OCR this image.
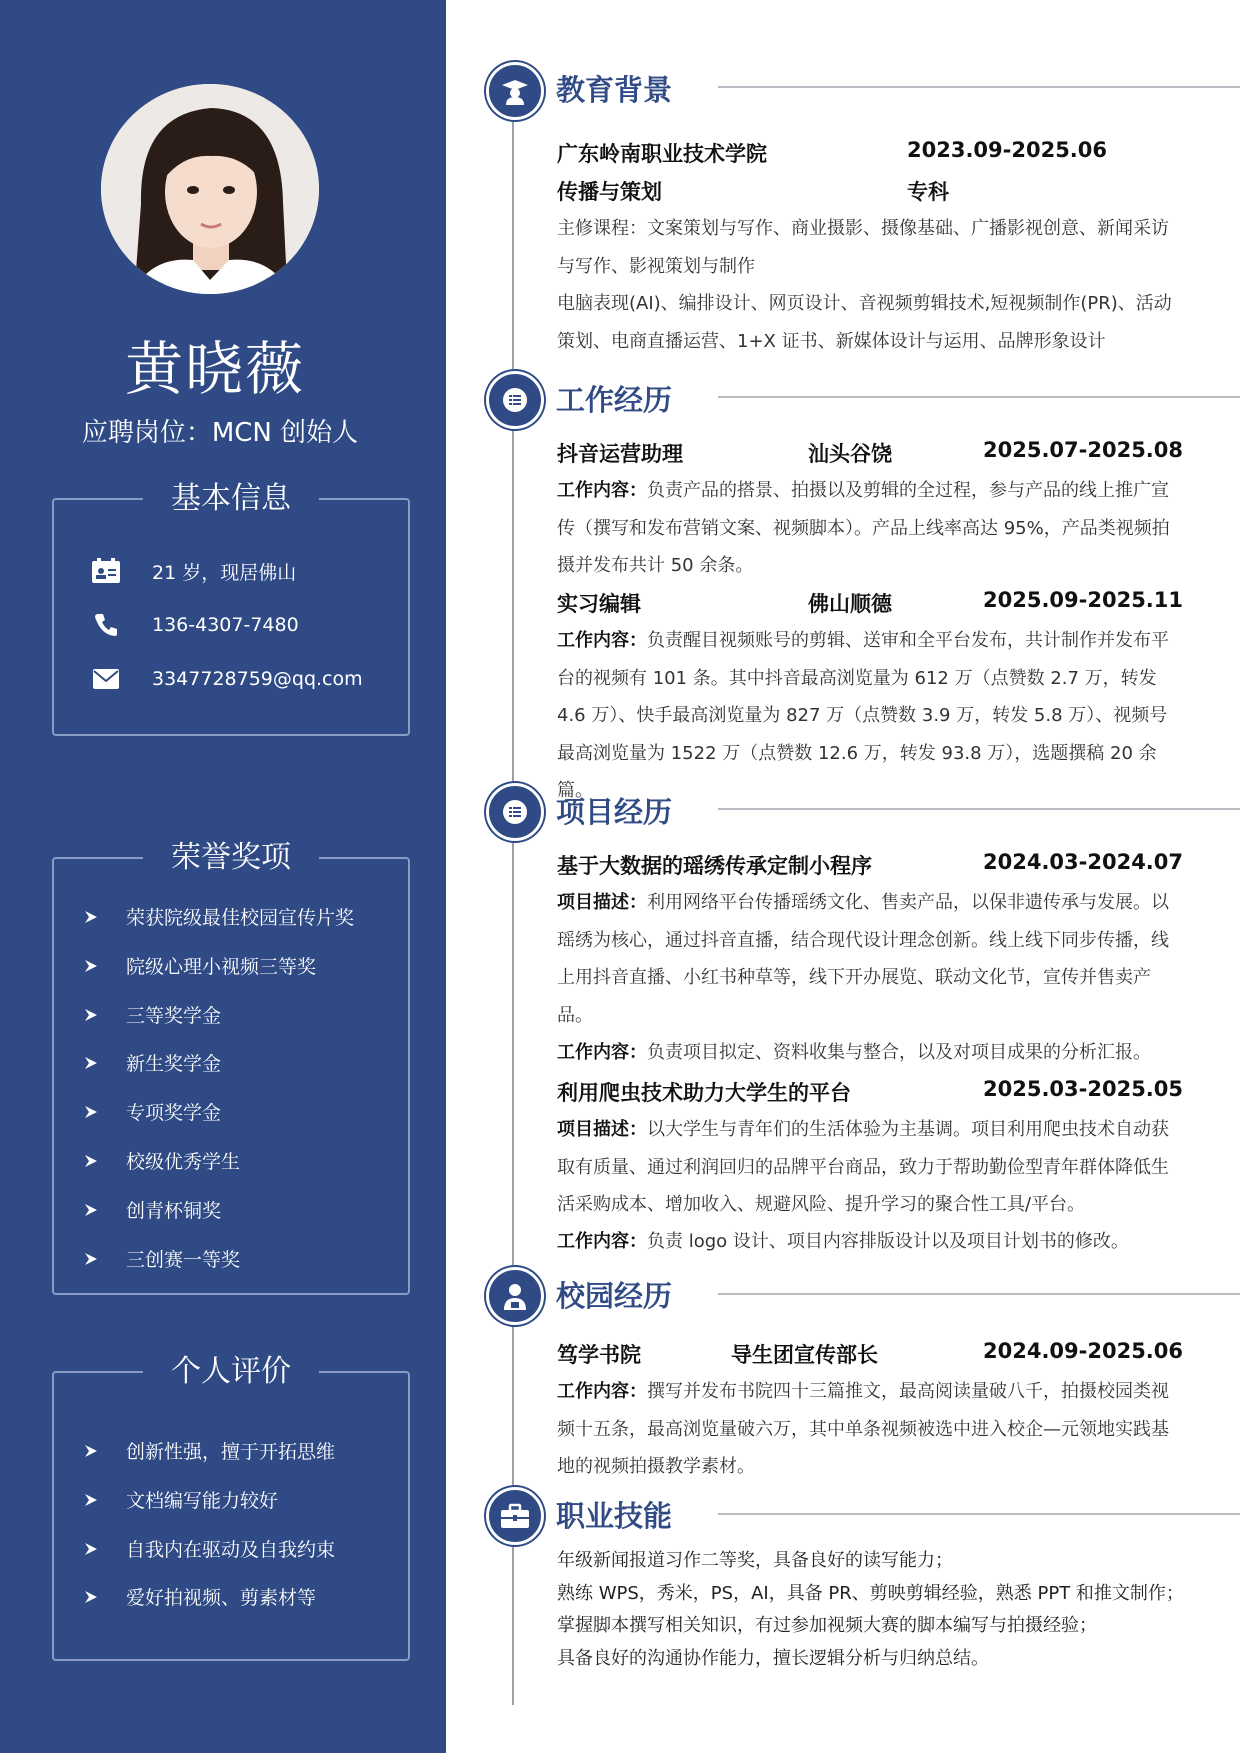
黄晓薇
应聘岗位：MCN 创始人
基本信息
21 岁，现居佛山
136-4307-7480
3347728759@qq.com
荣誉奖项
荣获院级最佳校园宣传片奖
院级心理小视频三等奖
三等奖学金
新生奖学金
专项奖学金
校级优秀学生
创青杯铜奖
三创赛一等奖
个人评价
创新性强，擅于开拓思维
文档编写能力较好
自我内在驱动及自我约束
爱好拍视频、剪素材等
教育背景
广东岭南职业技术学院	2023.09-2025.06
传播与策划	专科
主修课程：文案策划与写作、商业摄影、摄像基础、广播影视创意、新闻采访与写作、影视策划与制作
电脑表现(AI)、编排设计、网页设计、音视频剪辑技术,短视频制作(PR)、活动策划、电商直播运营、1+X 证书、新媒体设计与运用、品牌形象设计
工作经历
抖音运营助理	汕头谷饶	2025.07-2025.08
工作内容：负责产品的搭景、拍摄以及剪辑的全过程，参与产品的线上推广宣传（撰写和发布营销文案、视频脚本）。产品上线率高达 95%，产品类视频拍摄并发布共计 50 余条。
实习编辑	佛山顺德	2025.09-2025.11
工作内容：负责醒目视频账号的剪辑、送审和全平台发布，共计制作并发布平台的视频有 101 条。其中抖音最高浏览量为 612 万（点赞数 2.7 万，转发 4.6 万）、快手最高浏览量为 827 万（点赞数 3.9 万，转发 5.8 万）、视频号最高浏览量为 1522 万（点赞数 12.6 万，转发 93.8 万），选题撰稿 20 余篇。
项目经历
基于大数据的瑶绣传承定制小程序	2024.03-2024.07
项目描述：利用网络平台传播瑶绣文化、售卖产品，以保非遗传承与发展。以瑶绣为核心，通过抖音直播，结合现代设计理念创新。线上线下同步传播，线上用抖音直播、小红书种草等，线下开办展览、联动文化节，宣传并售卖产品。
工作内容：负责项目拟定、资料收集与整合，以及对项目成果的分析汇报。
利用爬虫技术助力大学生的平台	2025.03-2025.05
项目描述：以大学生与青年们的生活体验为主基调。项目利用爬虫技术自动获取有质量、通过利润回归的品牌平台商品，致力于帮助勤俭型青年群体降低生活采购成本、增加收入、规避风险、提升学习的聚合性工具/平台。
工作内容：负责 logo 设计、项目内容排版设计以及项目计划书的修改。
校园经历
笃学书院	导生团宣传部长	2024.09-2025.06
工作内容：撰写并发布书院四十三篇推文，最高阅读量破八千，拍摄校园类视频十五条，最高浏览量破六万，其中单条视频被选中进入校企—元领地实践基地的视频拍摄教学素材。
职业技能
年级新闻报道习作二等奖，具备良好的读写能力；
熟练 WPS，秀米，PS，AI，具备 PR、剪映剪辑经验，熟悉 PPT 和推文制作；
掌握脚本撰写相关知识，有过参加视频大赛的脚本编写与拍摄经验；
具备良好的沟通协作能力，擅长逻辑分析与归纳总结。
